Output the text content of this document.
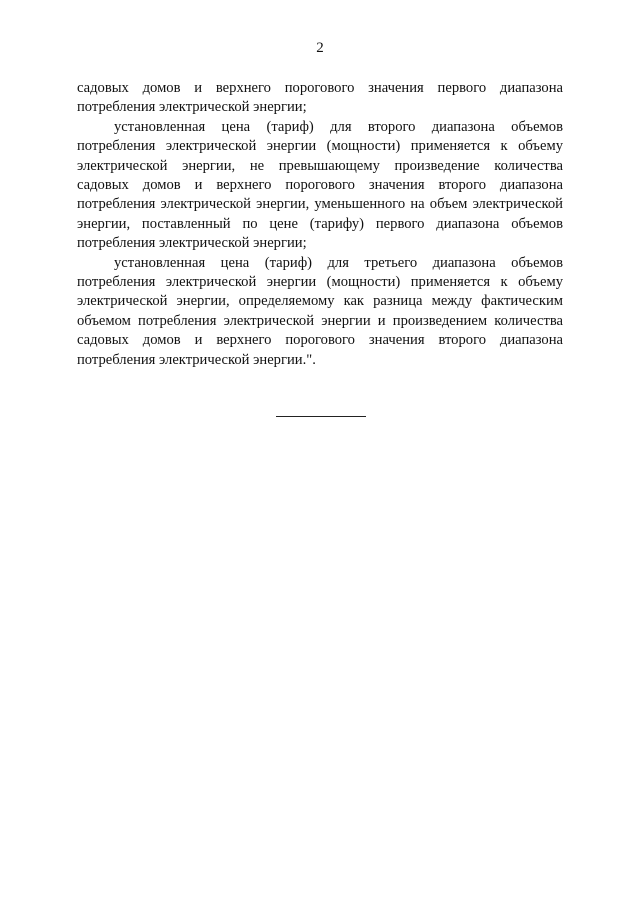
2

садовых домов и верхнего порогового значения первого диапазона потребления электрической энергии;

установленная цена (тариф) для второго диапазона объемов потребления электрической энергии (мощности) применяется к объему электрической энергии, не превышающему произведение количества садовых домов и верхнего порогового значения второго диапазона потребления электрической энергии, уменьшенного на объем электрической энергии, поставленный по цене (тарифу) первого диапазона объемов потребления электрической энергии;

установленная цена (тариф) для третьего диапазона объемов потребления электрической энергии (мощности) применяется к объему электрической энергии, определяемому как разница между фактическим объемом потребления электрической энергии и произведением количества садовых домов и верхнего порогового значения второго диапазона потребления электрической энергии.".
